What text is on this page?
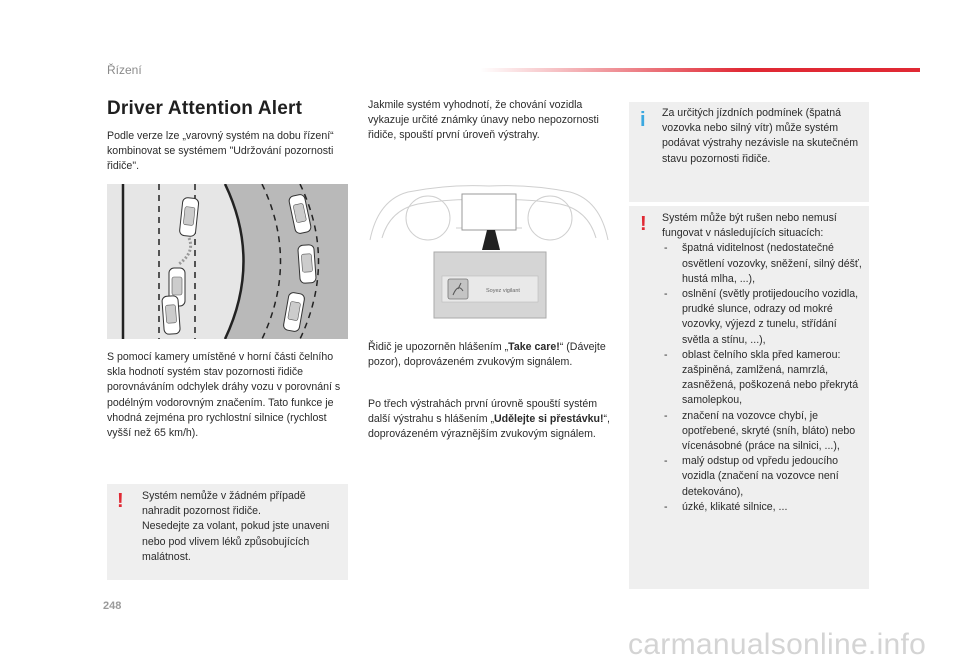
Řízení
Driver Attention Alert
Podle verze lze „varovný systém na dobu řízení“ kombinovat se systémem "Udržování pozornosti řidiče".
S pomocí kamery umístěné v horní části čelního skla hodnotí systém stav pozornosti řidiče porovnáváním odchylek dráhy vozu v porovnání s podélným vodorovným značením. Tato funkce je vhodná zejména pro rychlostní silnice (rychlost vyšší než 65 km/h).
! Systém nemůže v žádném případě nahradit pozornost řidiče.

Nesedejte za volant, pokud jste unaveni nebo pod vlivem léků způsobujících malátnost.

Jakmile systém vyhodnotí, že chování vozidla vykazuje určité známky únavy nebo nepozornosti řidiče, spouští první úroveň výstrahy.
Soyez vigilant
Řidič je upozorněn hlášením „Take care!“ (Dávejte pozor), doprovázeném zvukovým signálem.
Po třech výstrahách první úrovně spouští systém další výstrahu s hlášením „Udělejte si přestávku!“, doprovázeném výraznějším zvukovým signálem.
i Za určitých jízdních podmínek (špatná vozovka nebo silný vítr) může systém podávat výstrahy nezávisle na skutečném stavu pozornosti řidiče.
! Systém může být rušen nebo nemusí fungovat v následujících situacích:

- špatná viditelnost (nedostatečné osvětlení vozovky, sněžení, silný déšť, hustá mlha, ...),
- oslnění (světly protijedoucího vozidla, prudké slunce, odrazy od mokré vozovky, výjezd z tunelu, střídání světla a stínu, ...),
- oblast čelního skla před kamerou: zašpiněná, zamlžená, namrzlá, zasněžená, poškozená nebo překrytá samolepkou,
- značení na vozovce chybí, je opotřebené, skryté (sníh, bláto) nebo vícenásobné (práce na silnici, ...),
- malý odstup od vpředu jedoucího vozidla (značení na vozovce není detekováno),
- úzké, klikaté silnice, ...
248
carmanualsonline.info
